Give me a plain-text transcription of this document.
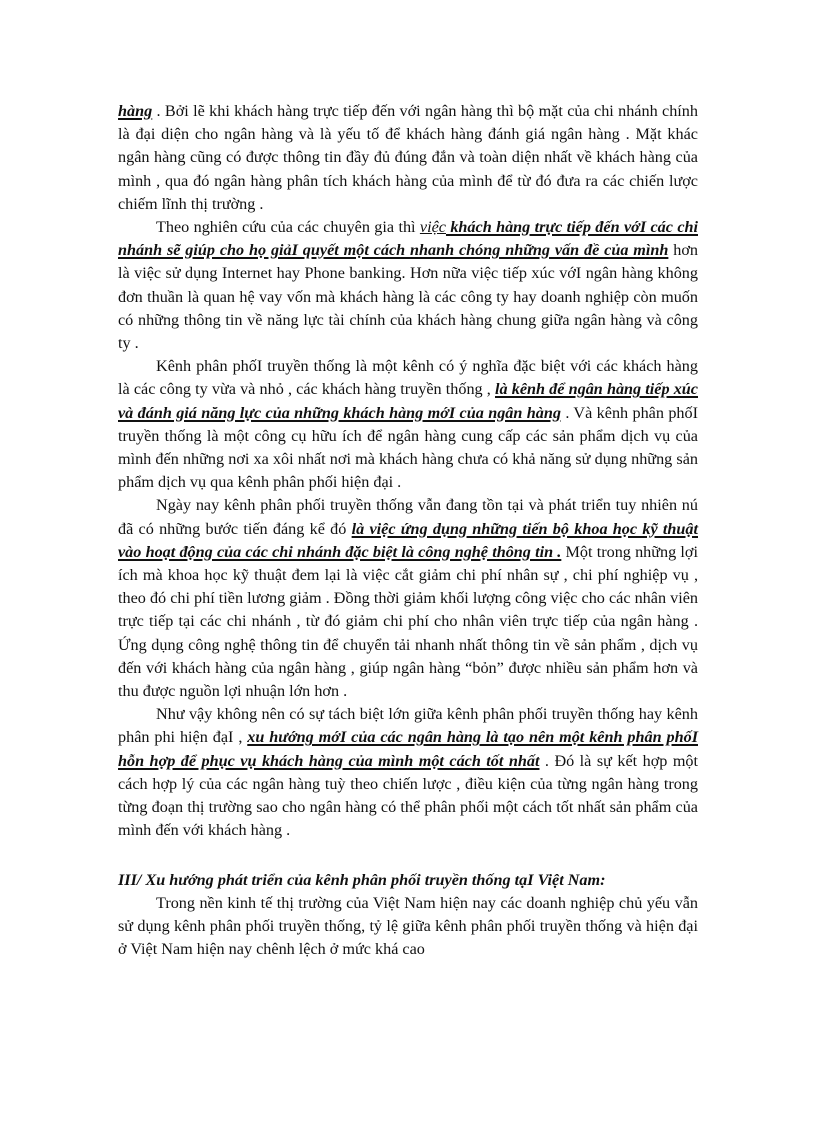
hàng . Bởi lẽ khi khách hàng trực tiếp đến với ngân hàng thì bộ mặt của chi nhánh chính là đại diện cho ngân hàng và là yếu tố để khách hàng đánh giá ngân hàng . Mặt khác ngân hàng cũng có được thông tin đầy đủ đúng đắn và toàn diện nhất về khách hàng của mình , qua đó ngân hàng phân tích khách hàng của mình để từ đó đưa ra các chiến lược chiếm lĩnh thị trường .

Theo nghiên cứu của các chuyên gia thì việc khách hàng trực tiếp đến vớI các chi nhánh sẽ giúp cho họ giảI quyết một cách nhanh chóng những vấn đề của mình hơn là việc sử dụng Internet hay Phone banking. Hơn nữa việc tiếp xúc vớI ngân hàng không đơn thuần là quan hệ vay vốn mà khách hàng là các công ty hay doanh nghiệp còn muốn có những thông tin về năng lực tài chính của khách hàng chung giữa ngân hàng và công ty .

Kênh phân phốI truyền thống là một kênh có ý nghĩa đặc biệt với các khách hàng là các công ty vừa và nhỏ , các khách hàng truyền thống , là kênh để ngân hàng tiếp xúc và đánh giá năng lực của những khách hàng mớI của ngân hàng . Và kênh phân phốI truyền thống là một công cụ hữu ích để ngân hàng cung cấp các sản phẩm dịch vụ của mình đến những nơi xa xôi nhất nơi mà khách hàng chưa có khả năng sử dụng những sản phẩm dịch vụ qua kênh phân phối hiện đại .

Ngày nay kênh phân phối truyền thống vẫn đang tồn tại và phát triển tuy nhiên nú đã có những bước tiến đáng kể đó là việc ứng dụng những tiến bộ khoa học kỹ thuật vào hoạt động của các chi nhánh đặc biệt là công nghệ thông tin . Một trong những lợi ích mà khoa học kỹ thuật đem lại là việc cắt giảm chi phí nhân sự , chi phí nghiệp vụ , theo đó chi phí tiền lương giảm . Đồng thời giảm khối lượng công việc cho các nhân viên trực tiếp tại các chi nhánh , từ đó giảm chi phí cho nhân viên trực tiếp của ngân hàng . Ứng dụng công nghệ thông tin để chuyển tải nhanh nhất thông tin về sản phẩm , dịch vụ đến với khách hàng của ngân hàng , giúp ngân hàng “bỏn” được nhiều sản phẩm hơn và thu được nguồn lợi nhuận lớn hơn .

Như vậy không nên có sự tách biệt lớn giữa kênh phân phối truyền thống hay kênh phân phi hiện đạI , xu hướng mớI của các ngân hàng là tạo nên một kênh phân phốI hỗn hợp để phục vụ khách hàng của mình một cách tốt nhất . Đó là sự kết hợp một cách hợp lý của các ngân hàng tuỳ theo chiến lược , điều kiện của từng ngân hàng trong từng đoạn thị trường sao cho ngân hàng có thể phân phối một cách tốt nhất sản phẩm của mình đến với khách hàng .

III/ Xu hướng phát triển của kênh phân phối truyền thống tạI Việt Nam:

Trong nền kinh tế thị trường của Việt Nam hiện nay các doanh nghiệp chủ yếu vẫn sử dụng kênh phân phối truyền thống, tỷ lệ giữa kênh phân phối truyền thống và hiện đại ở Việt Nam hiện nay chênh lệch ở mức khá cao
